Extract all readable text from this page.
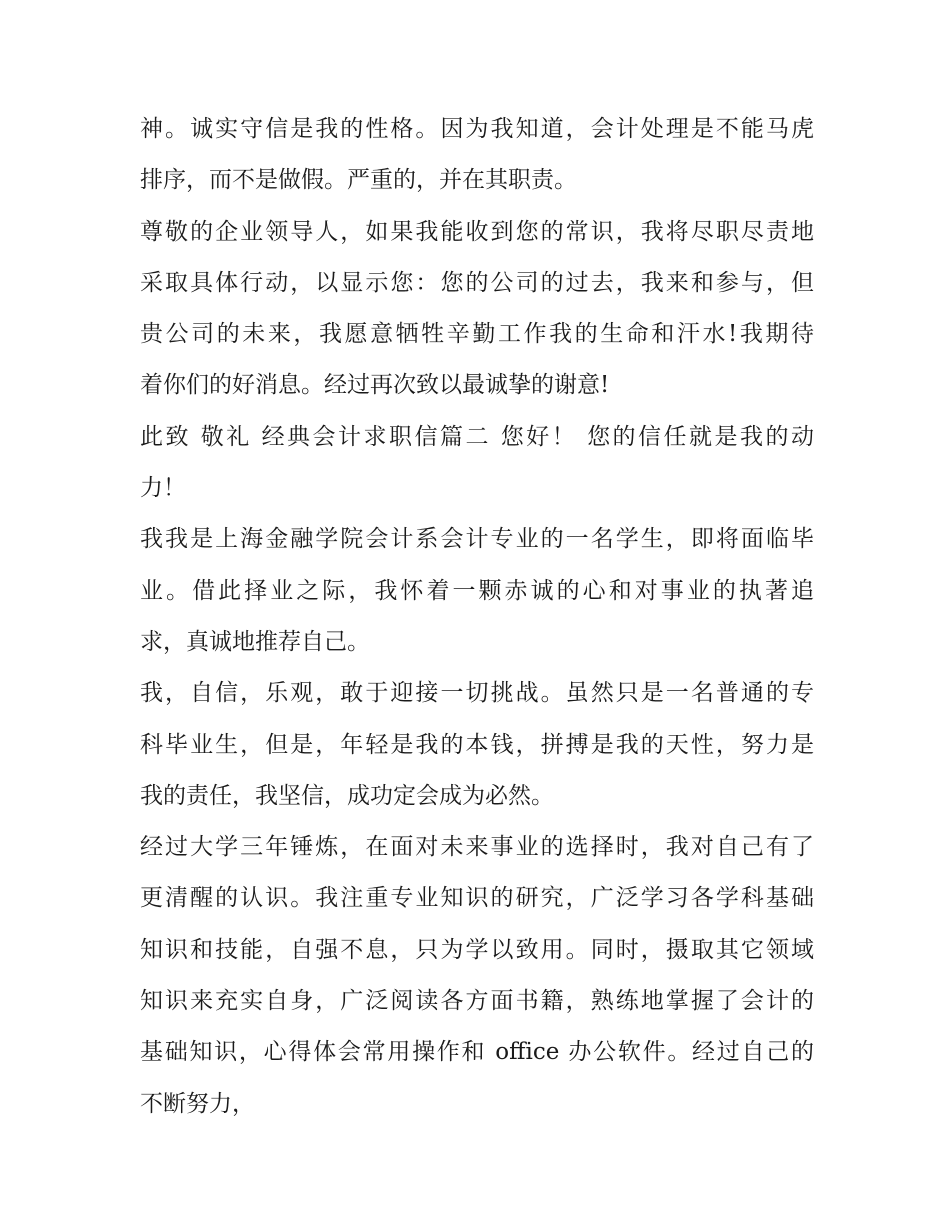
神。诚实守信是我的性格。因为我知道，会计处理是不能马虎
排序，而不是做假。严重的，并在其职责。
尊敬的企业领导人，如果我能收到您的常识，我将尽职尽责地
采取具体行动，以显示您：您的公司的过去，我来和参与，但
贵公司的未来，我愿意牺牲辛勤工作我的生命和汗水!我期待
着你们的好消息。经过再次致以最诚挚的谢意!
此致 敬礼 经典会计求职信篇二 您好！ 您的信任就是我的动
力！
我我是上海金融学院会计系会计专业的一名学生，即将面临毕
业。借此择业之际，我怀着一颗赤诚的心和对事业的执著追
求，真诚地推荐自己。
我，自信，乐观，敢于迎接一切挑战。虽然只是一名普通的专
科毕业生，但是，年轻是我的本钱，拼搏是我的天性，努力是
我的责任，我坚信，成功定会成为必然。
经过大学三年锤炼，在面对未来事业的选择时，我对自己有了
更清醒的认识。我注重专业知识的研究，广泛学习各学科基础
知识和技能，自强不息，只为学以致用。同时，摄取其它领域
知识来充实自身，广泛阅读各方面书籍，熟练地掌握了会计的
基础知识，心得体会常用操作和 office 办公软件。经过自己的
不断努力，
